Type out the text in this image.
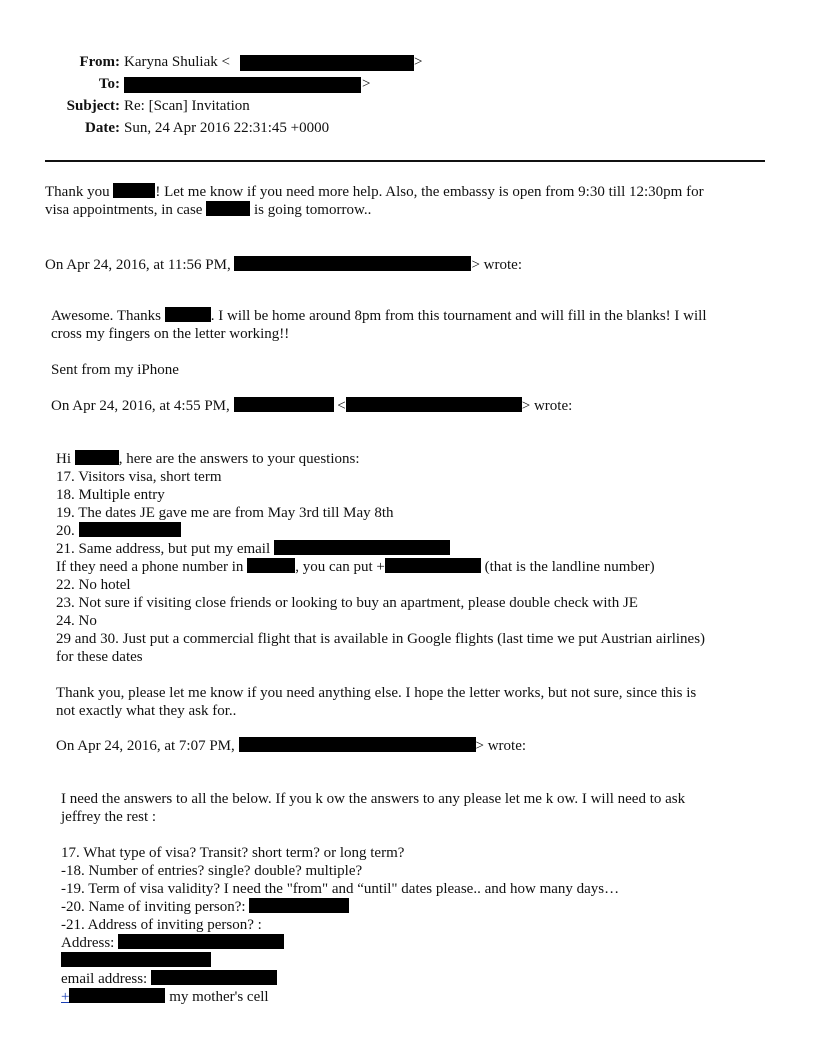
From: Karyna Shuliak <	>
To:	>
Subject: Re: [Scan] Invitation
Date: Sun, 24 Apr 2016 22:31:45 +0000
Thank you	! Let me know if you need more help. Also, the embassy is open from 9:30 till 12:30pm for
visa appointments, in case	is going tomorrow..
On Apr 24, 2016, at 11:56 PM,	> wrote:
Awesome. Thanks	. I will be home around 8pm from this tournament and will fill in the blanks! I will
cross my fingers on the letter working!!
Sent from my iPhone
On Apr 24, 2016, at 4:55 PM,	<	> wrote:
Hi	, here are the answers to your questions:
17. Visitors visa, short term
18. Multiple entry
19. The dates JE gave me are from May 3rd till May 8th
20.
21. Same address, but put my email
If they need a phone number in	, you can put +	(that is the landline number)
22. No hotel
23. Not sure if visiting close friends or looking to buy an apartment, please double check with JE
24. No
29 and 30. Just put a commercial flight that is available in Google flights (last time we put Austrian airlines)
for these dates
Thank you, please let me know if you need anything else. I hope the letter works, but not sure, since this is
not exactly what they ask for..
On Apr 24, 2016, at 7:07 PM,	> wrote:
I need the answers to all the below. If you k ow the answers to any please let me k ow. I will need to ask
jeffrey the rest :
17. What type of visa? Transit? short term? or long term?
-18. Number of entries? single? double? multiple?
-19. Term of visa validity? I need the "from" and “until" dates please.. and how many days…
-20. Name of inviting person?:
-21. Address of inviting person? :
Address:
email address:
+	my mother's cell
